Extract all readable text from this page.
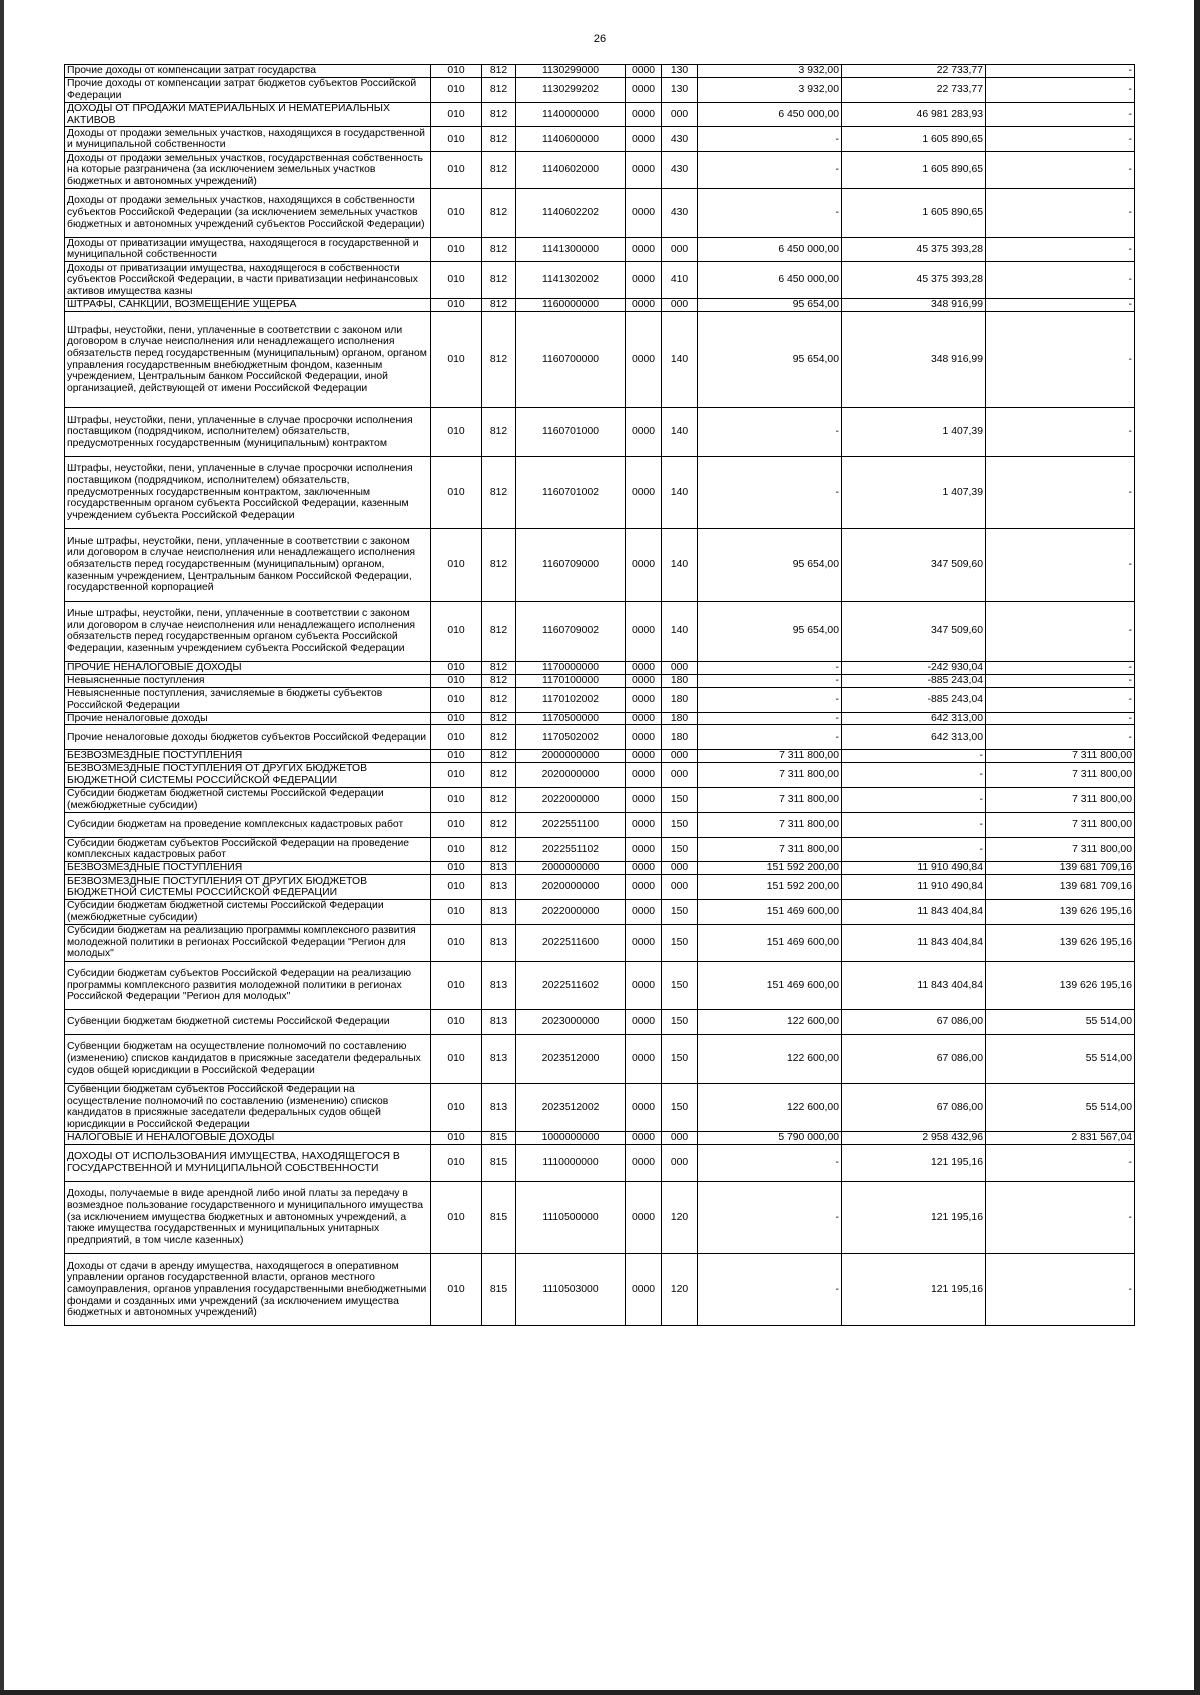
26
Прочие доходы от компенсации затрат государства	010	812	1130299000	0000	130	3 932,00	22 733,77	-
Прочие доходы от компенсации затрат бюджетов субъектов Российской Федерации	010	812	1130299202	0000	130	3 932,00	22 733,77	-
ДОХОДЫ ОТ ПРОДАЖИ МАТЕРИАЛЬНЫХ И НЕМАТЕРИАЛЬНЫХ АКТИВОВ	010	812	1140000000	0000	000	6 450 000,00	46 981 283,93	-
Доходы от продажи земельных участков, находящихся в государственной и муниципальной собственности	010	812	1140600000	0000	430	-	1 605 890,65	-
Доходы от продажи земельных участков, государственная собственность на которые разграничена (за исключением земельных участков бюджетных и автономных учреждений)	010	812	1140602000	0000	430	-	1 605 890,65	-
Доходы от продажи земельных участков, находящихся в собственности субъектов Российской Федерации (за исключением земельных участков бюджетных и автономных учреждений субъектов Российской Федерации)	010	812	1140602202	0000	430	-	1 605 890,65	-
Доходы от приватизации имущества, находящегося в государственной и муниципальной собственности	010	812	1141300000	0000	000	6 450 000,00	45 375 393,28	-
Доходы от приватизации имущества, находящегося в собственности субъектов Российской Федерации, в части приватизации нефинансовых активов имущества казны	010	812	1141302002	0000	410	6 450 000,00	45 375 393,28	-
ШТРАФЫ, САНКЦИИ, ВОЗМЕЩЕНИЕ УЩЕРБА	010	812	1160000000	0000	000	95 654,00	348 916,99	-
Штрафы, неустойки, пени, уплаченные в соответствии с законом или договором в случае неисполнения или ненадлежащего исполнения обязательств перед государственным (муниципальным) органом, органом управления государственным внебюджетным фондом, казенным учреждением, Центральным банком Российской Федерации, иной организацией, действующей от имени Российской Федерации	010	812	1160700000	0000	140	95 654,00	348 916,99	-
Штрафы, неустойки, пени, уплаченные в случае просрочки исполнения поставщиком (подрядчиком, исполнителем) обязательств, предусмотренных государственным (муниципальным) контрактом	010	812	1160701000	0000	140	-	1 407,39	-
Штрафы, неустойки, пени, уплаченные в случае просрочки исполнения поставщиком (подрядчиком, исполнителем) обязательств, предусмотренных государственным контрактом, заключенным государственным органом субъекта Российской Федерации, казенным учреждением субъекта Российской Федерации	010	812	1160701002	0000	140	-	1 407,39	-
Иные штрафы, неустойки, пени, уплаченные в соответствии с законом или договором в случае неисполнения или ненадлежащего исполнения обязательств перед государственным (муниципальным) органом, казенным учреждением, Центральным банком Российской Федерации, государственной корпорацией	010	812	1160709000	0000	140	95 654,00	347 509,60	-
Иные штрафы, неустойки, пени, уплаченные в соответствии с законом или договором в случае неисполнения или ненадлежащего исполнения обязательств перед государственным органом субъекта Российской Федерации, казенным учреждением субъекта Российской Федерации	010	812	1160709002	0000	140	95 654,00	347 509,60	-
ПРОЧИЕ НЕНАЛОГОВЫЕ ДОХОДЫ	010	812	1170000000	0000	000	-	-242 930,04	-
Невыясненные поступления	010	812	1170100000	0000	180	-	-885 243,04	-
Невыясненные поступления, зачисляемые в бюджеты субъектов Российской Федерации	010	812	1170102002	0000	180	-	-885 243,04	-
Прочие неналоговые доходы	010	812	1170500000	0000	180	-	642 313,00	-
Прочие неналоговые доходы бюджетов субъектов Российской Федерации	010	812	1170502002	0000	180	-	642 313,00	-
БЕЗВОЗМЕЗДНЫЕ ПОСТУПЛЕНИЯ	010	812	2000000000	0000	000	7 311 800,00	-	7 311 800,00
БЕЗВОЗМЕЗДНЫЕ ПОСТУПЛЕНИЯ ОТ ДРУГИХ БЮДЖЕТОВ БЮДЖЕТНОЙ СИСТЕМЫ РОССИЙСКОЙ ФЕДЕРАЦИИ	010	812	2020000000	0000	000	7 311 800,00	-	7 311 800,00
Субсидии бюджетам бюджетной системы Российской Федерации (межбюджетные субсидии)	010	812	2022000000	0000	150	7 311 800,00	-	7 311 800,00
Субсидии бюджетам на проведение комплексных кадастровых работ	010	812	2022551100	0000	150	7 311 800,00	-	7 311 800,00
Субсидии бюджетам субъектов Российской Федерации на проведение комплексных кадастровых работ	010	812	2022551102	0000	150	7 311 800,00	-	7 311 800,00
БЕЗВОЗМЕЗДНЫЕ ПОСТУПЛЕНИЯ	010	813	2000000000	0000	000	151 592 200,00	11 910 490,84	139 681 709,16
БЕЗВОЗМЕЗДНЫЕ ПОСТУПЛЕНИЯ ОТ ДРУГИХ БЮДЖЕТОВ БЮДЖЕТНОЙ СИСТЕМЫ РОССИЙСКОЙ ФЕДЕРАЦИИ	010	813	2020000000	0000	000	151 592 200,00	11 910 490,84	139 681 709,16
Субсидии бюджетам бюджетной системы Российской Федерации (межбюджетные субсидии)	010	813	2022000000	0000	150	151 469 600,00	11 843 404,84	139 626 195,16
Субсидии бюджетам на реализацию программы комплексного развития молодежной политики в регионах Российской Федерации "Регион для молодых"	010	813	2022511600	0000	150	151 469 600,00	11 843 404,84	139 626 195,16
Субсидии бюджетам субъектов Российской Федерации на реализацию программы комплексного развития молодежной политики в регионах Российской Федерации "Регион для молодых"	010	813	2022511602	0000	150	151 469 600,00	11 843 404,84	139 626 195,16
Субвенции бюджетам бюджетной системы Российской Федерации	010	813	2023000000	0000	150	122 600,00	67 086,00	55 514,00
Субвенции бюджетам на осуществление полномочий по составлению (изменению) списков кандидатов в присяжные заседатели федеральных судов общей юрисдикции в Российской Федерации	010	813	2023512000	0000	150	122 600,00	67 086,00	55 514,00
Субвенции бюджетам субъектов Российской Федерации на осуществление полномочий по составлению (изменению) списков кандидатов в присяжные заседатели федеральных судов общей юрисдикции в Российской Федерации	010	813	2023512002	0000	150	122 600,00	67 086,00	55 514,00
НАЛОГОВЫЕ И НЕНАЛОГОВЫЕ ДОХОДЫ	010	815	1000000000	0000	000	5 790 000,00	2 958 432,96	2 831 567,04
ДОХОДЫ ОТ ИСПОЛЬЗОВАНИЯ ИМУЩЕСТВА, НАХОДЯЩЕГОСЯ В ГОСУДАРСТВЕННОЙ И МУНИЦИПАЛЬНОЙ СОБСТВЕННОСТИ	010	815	1110000000	0000	000	-	121 195,16	-
Доходы, получаемые в виде арендной либо иной платы за передачу в возмездное пользование государственного и муниципального имущества (за исключением имущества бюджетных и автономных учреждений, а также имущества государственных и муниципальных унитарных предприятий, в том числе казенных)	010	815	1110500000	0000	120	-	121 195,16	-
Доходы от сдачи в аренду имущества, находящегося в оперативном управлении органов государственной власти, органов местного самоуправления, органов управления государственными внебюджетными фондами и созданных ими учреждений (за исключением имущества бюджетных и автономных учреждений)	010	815	1110503000	0000	120	-	121 195,16	-
